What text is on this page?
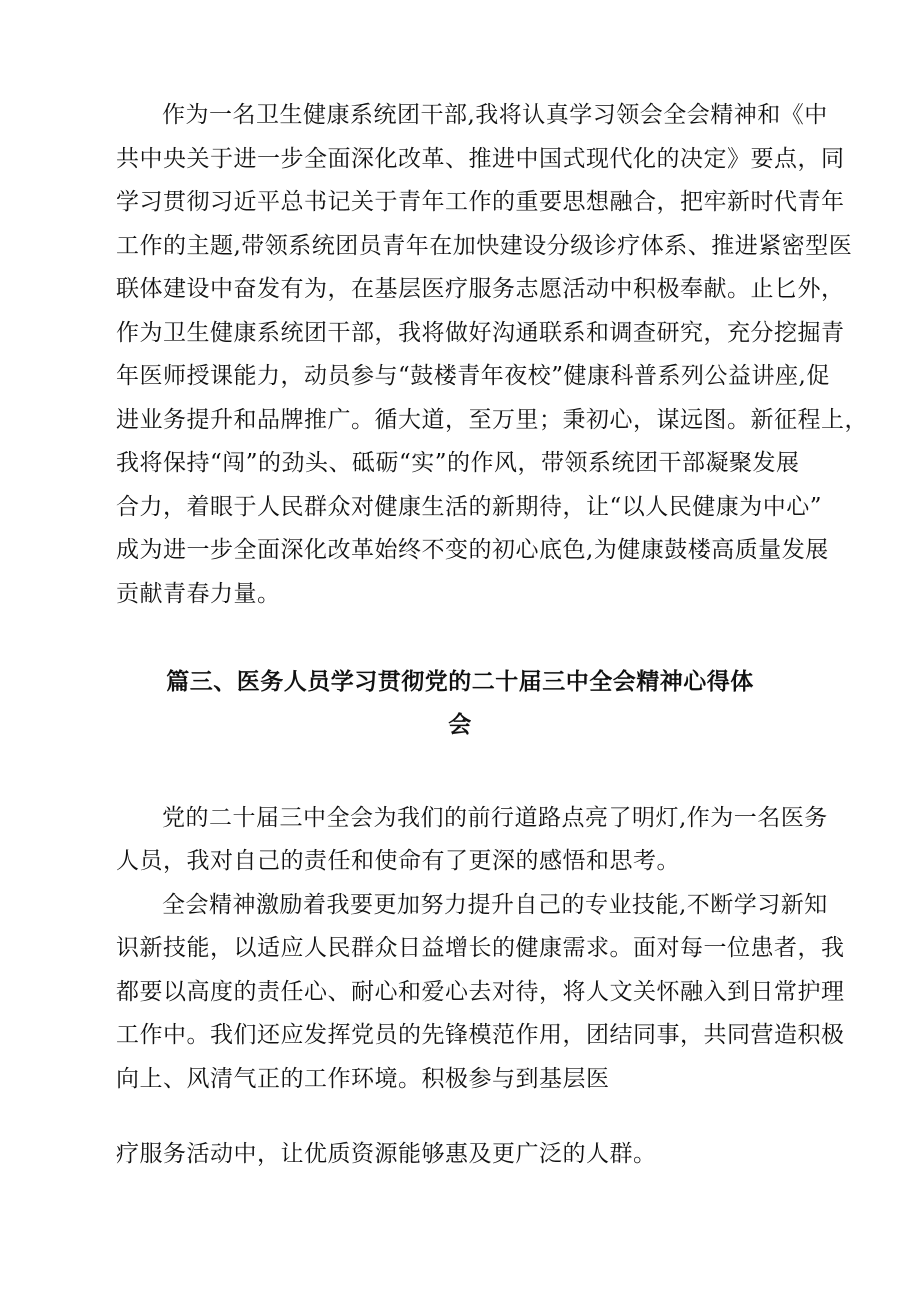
作为一名卫生健康系统团干部,我将认真学习领会全会精神和《中
共中央关于进一步全面深化改革、推进中国式现代化的决定》要点，同
学习贯彻习近平总书记关于青年工作的重要思想融合，把牢新时代青年
工作的主题,带领系统团员青年在加快建设分级诊疗体系、推进紧密型医
联体建设中奋发有为，在基层医疗服务志愿活动中积极奉献。止匕外，
作为卫生健康系统团干部，我将做好沟通联系和调查研究，充分挖掘青
年医师授课能力，动员参与“鼓楼青年夜校”健康科普系列公益讲座,促
进业务提升和品牌推广。循大道，至万里；秉初心，谋远图。新征程上，
我将保持“闯”的劲头、砥砺“实”的作风，带领系统团干部凝聚发展
合力，着眼于人民群众对健康生活的新期待，让“以人民健康为中心”
成为进一步全面深化改革始终不变的初心底色,为健康鼓楼高质量发展
贡献青春力量。
篇三、医务人员学习贯彻党的二十届三中全会精神心得体
会
党的二十届三中全会为我们的前行道路点亮了明灯,作为一名医务
人员，我对自己的责任和使命有了更深的感悟和思考。
全会精神激励着我要更加努力提升自己的专业技能,不断学习新知
识新技能，以适应人民群众日益增长的健康需求。面对每一位患者，我
都要以高度的责任心、耐心和爱心去对待，将人文关怀融入到日常护理
工作中。我们还应发挥党员的先锋模范作用，团结同事，共同营造积极
向上、风清气正的工作环境。积极参与到基层医
疗服务活动中，让优质资源能够惠及更广泛的人群。
